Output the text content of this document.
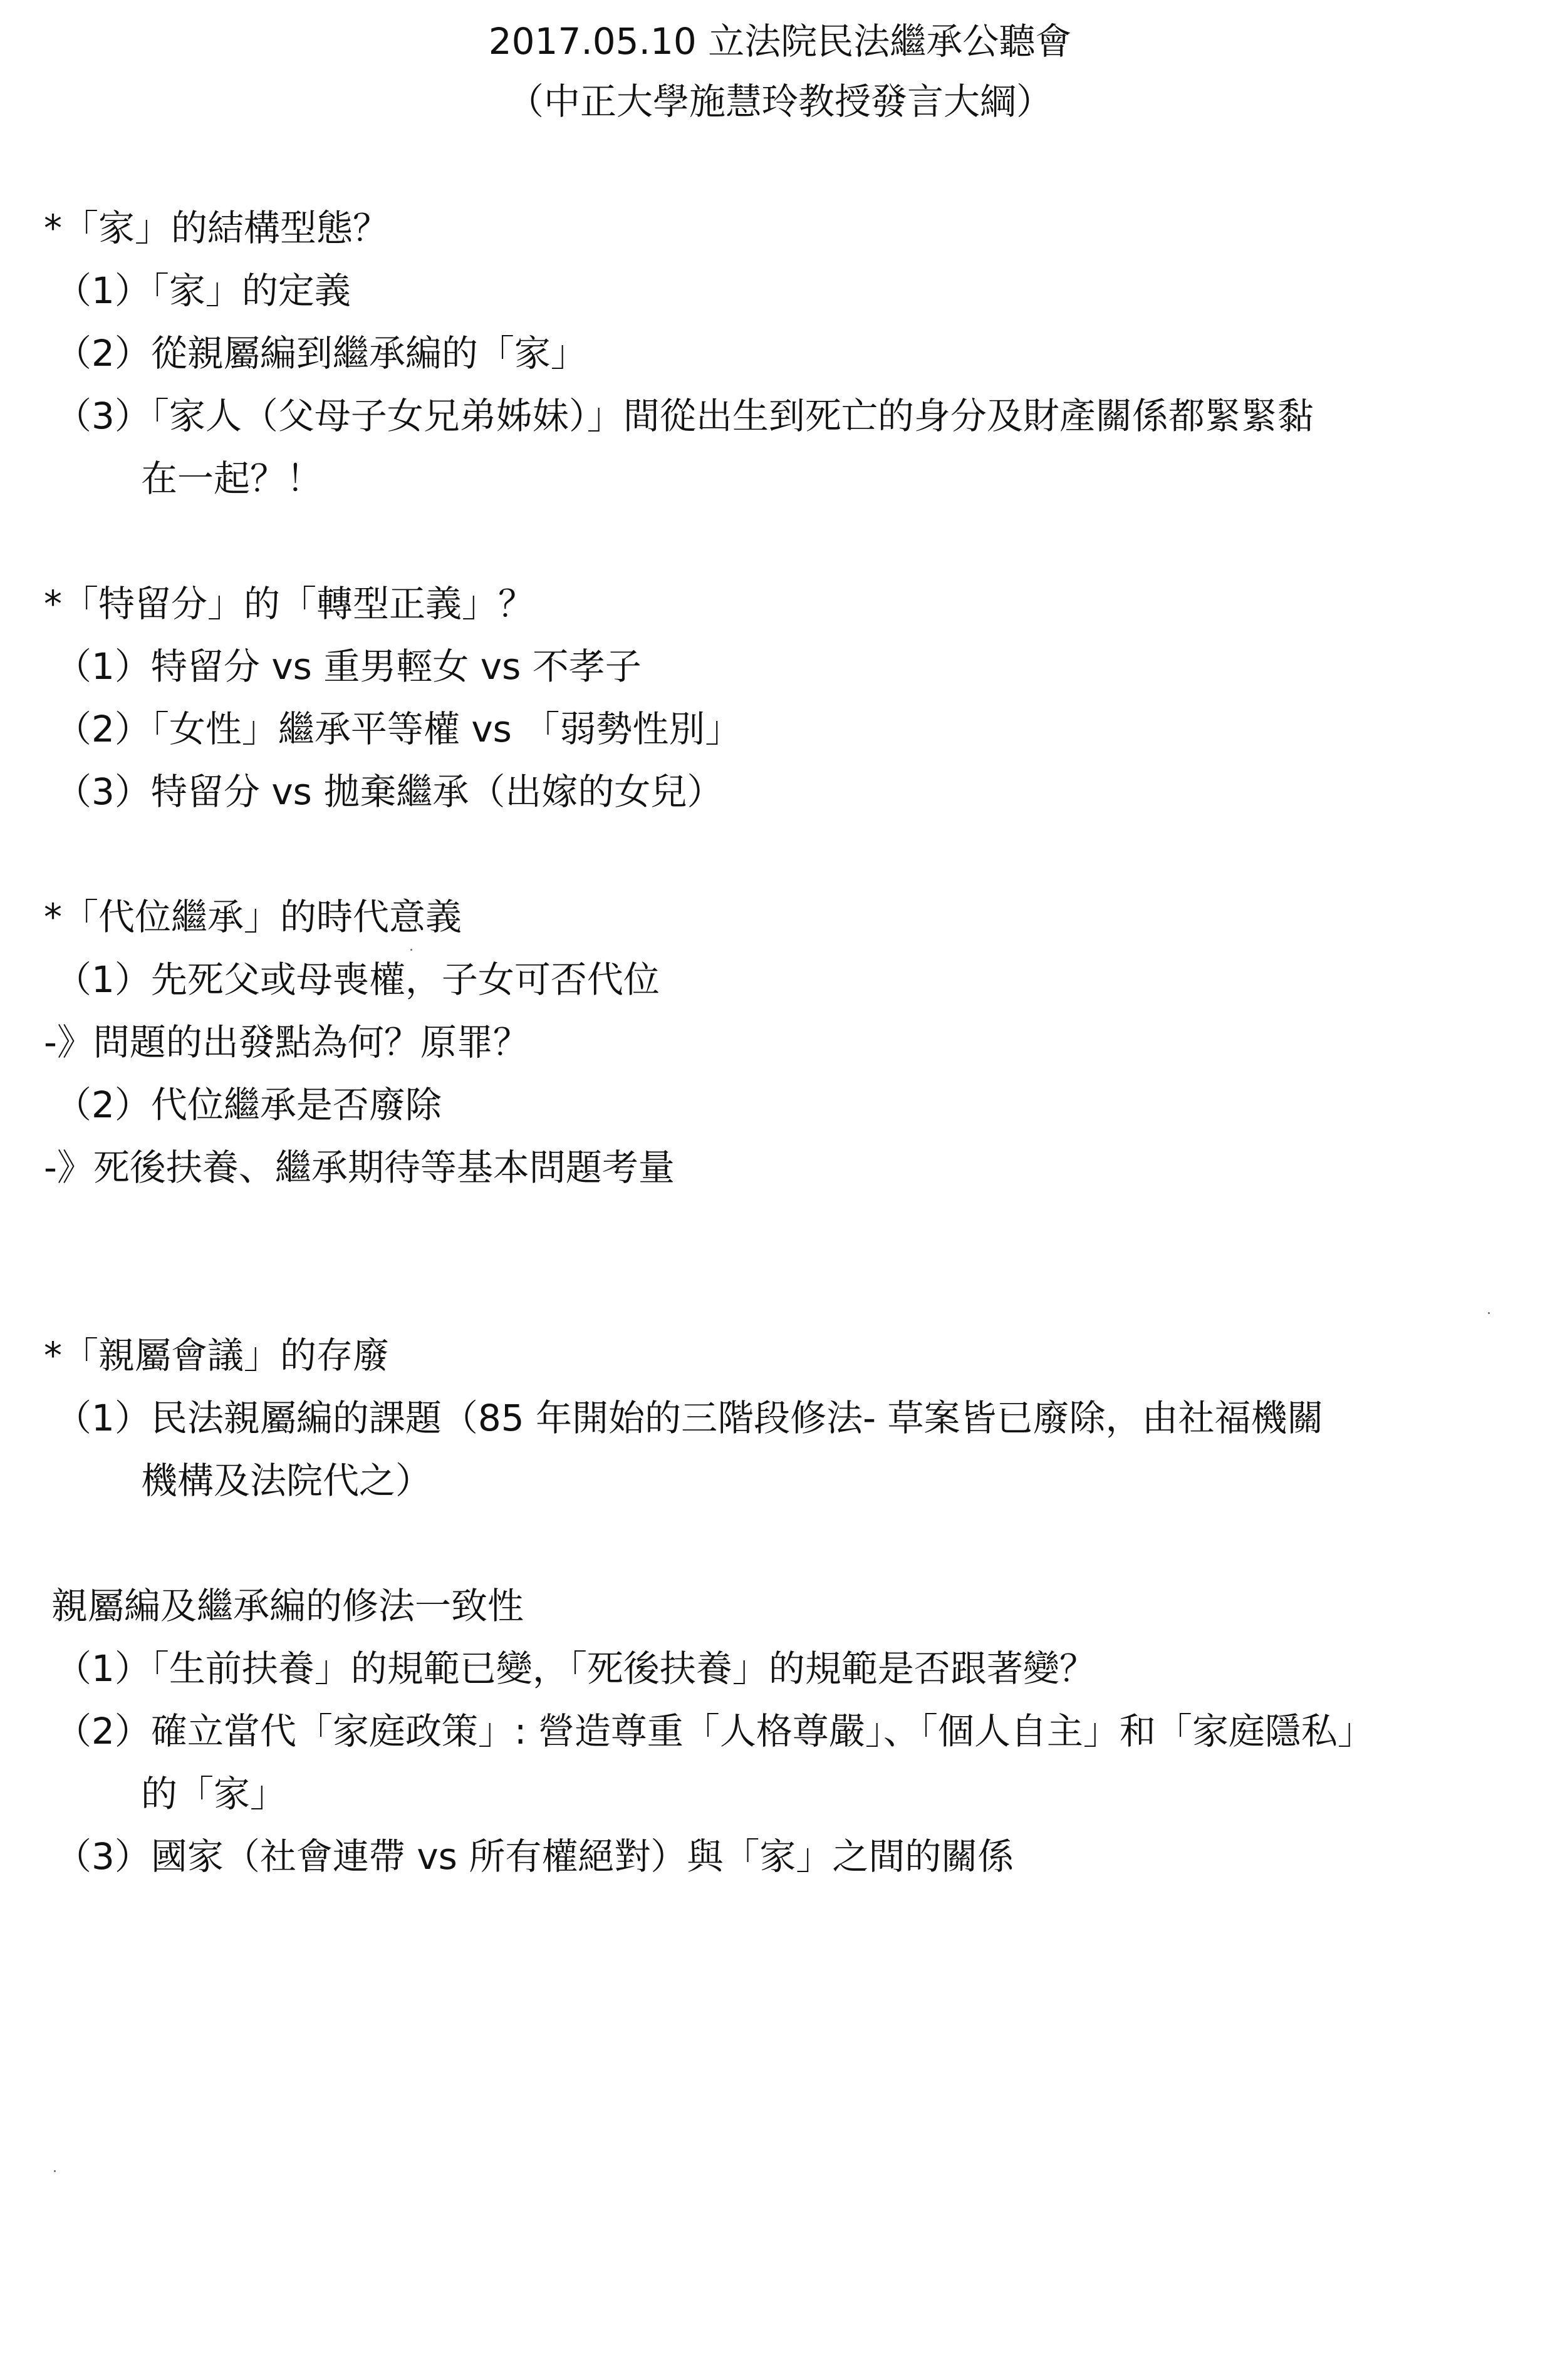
2017.05.10 立法院民法繼承公聽會
（中正大學施慧玲教授發言大綱）
*「家」的結構型態？
（1）「家」的定義
（2）從親屬編到繼承編的「家」
（3）「家人（父母子女兄弟姊妹）」間從出生到死亡的身分及財產關係都緊緊黏
在一起？！
*「特留分」的「轉型正義」？
（1）特留分 vs 重男輕女 vs 不孝子
（2）「女性」繼承平等權 vs 「弱勢性別」
（3）特留分 vs 拋棄繼承（出嫁的女兒）
*「代位繼承」的時代意義
（1）先死父或母喪權，子女可否代位
-》問題的出發點為何？原罪？
（2）代位繼承是否廢除
-》死後扶養、繼承期待等基本問題考量
*「親屬會議」的存廢
（1）民法親屬編的課題（85 年開始的三階段修法- 草案皆已廢除，由社福機關
機構及法院代之）
親屬編及繼承編的修法一致性
（1）「生前扶養」的規範已變，「死後扶養」的規範是否跟著變？
（2）確立當代「家庭政策」: 營造尊重「人格尊嚴」、「個人自主」和「家庭隱私」
的「家」
（3）國家（社會連帶 vs 所有權絕對）與「家」之間的關係
